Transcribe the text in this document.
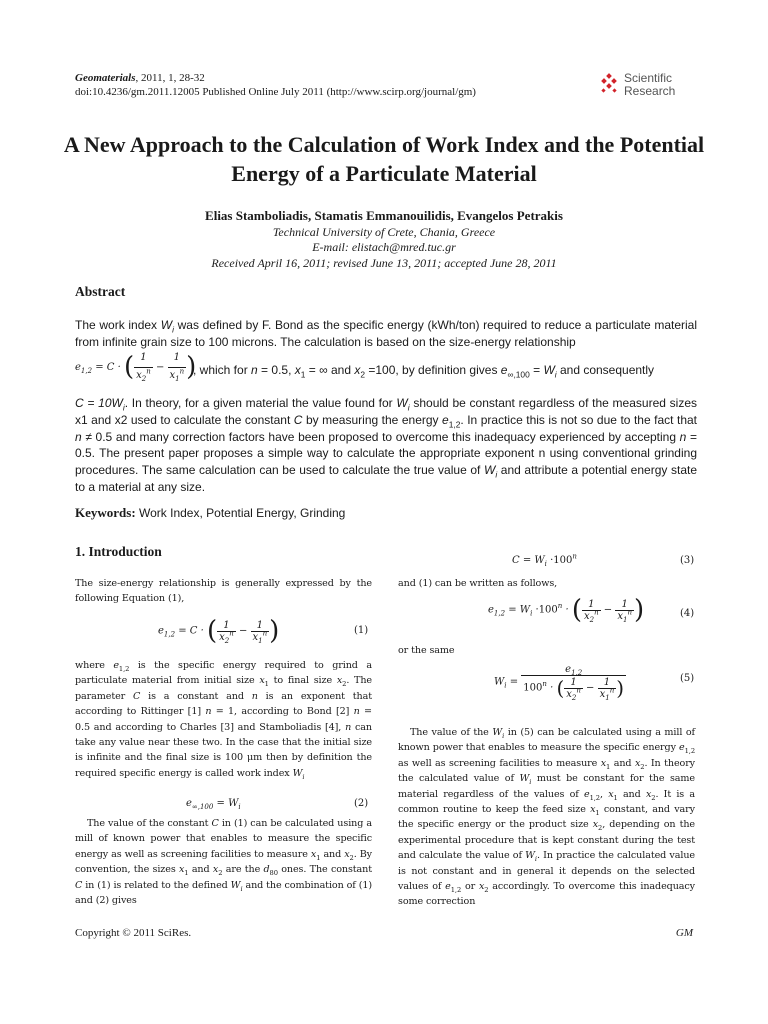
Geomaterials, 2011, 1, 28-32
doi:10.4236/gm.2011.12005 Published Online July 2011 (http://www.scirp.org/journal/gm)
Scientific
Research
A New Approach to the Calculation of Work Index and the Potential Energy of a Particulate Material
Elias Stamboliadis, Stamatis Emmanouilidis, Evangelos Petrakis
Technical University of Crete, Chania, Greece
E-mail: elistach@mred.tuc.gr
Received April 16, 2011; revised June 13, 2011; accepted June 28, 2011
Abstract

The work index $W_i$ was defined by F. Bond as the specific energy (kWh/ton) required to reduce a particulate material from infinite grain size to 100 microns. The calculation is based on the size-energy relationship

$e_{1,2} = C$ · ( $\frac{1}{x_2^n} - \frac{1}{x_1^n}$ )
, which for n = 0.5, $x_1$ = ∞ and $x_2 =100$, by definition gives $e_{\infty,100} = W_i$ and consequently

$C = 10W_i$. In theory, for a given material the value found for $W_i$ should be constant regardless of the measured sizes x1 and x2 used to calculate the constant C by measuring the energy $e_{1,2}$. In practice this is not so due to the fact that n ≠ 0.5 and many correction factors have been proposed to overcome this inadequacy experienced by accepting n = 0.5. The present paper proposes a simple way to calculate the appropriate exponent n using conventional grinding procedures. The same calculation can be used to calculate the true value of $W_i$ and attribute a potential energy state to a material at any size.

Keywords: Work Index, Potential Energy, Grinding
1. Introduction

The size-energy relationship is generally expressed by the following Equation (1),

$e_{1,2} = C$ · ( $\frac{1}{x_2^n} - \frac{1}{x_1^n}$ )	(1)

where $e_{1,2}$ is the specific energy required to grind a particulate material from initial size $x_1$ to final size $x_2$. The parameter C is a constant and n is an exponent that according to Rittinger [1] n = 1, according to Bond [2] n = 0.5 and according to Charles [3] and Stamboliadis [4], n can take any value near these two. In the case that the initial size is infinite and the final size is 100 μm then by definition the required specific energy is called work index $W_i$

$e_{\infty,100} = W_i$	(2)

The value of the constant C in (1) can be calculated using a mill of known power that enables to measure the specific energy as well as screening facilities to measure $x_1$ and $x_2$. By convention, the sizes $x_1$ and $x_2$ are the $d_{80}$ ones. The constant C in (1) is related to the defined $W_i$ and the combination of (1) and (2) gives

$C = W_i \cdot 100^n$	(3)
and (1) can be written as follows,
$e_{1,2} = W_i \cdot 100^n$ · ( $\frac{1}{x_2^n} - \frac{1}{x_1^n}$ )	(4)
or the same
$W_i = \frac{e_{1,2}}{100^n \cdot ( \frac{1}{x_2^n} - \frac{1}{x_1^n} )}$	(5)

The value of the $W_i$ in (5) can be calculated using a mill of known power that enables to measure the specific energy $e_{1,2}$ as well as screening facilities to measure $x_1$ and $x_2$. In theory the calculated value of $W_i$ must be constant for the same material regardless of the values of $e_{1,2}$, $x_1$ and $x_2$. It is a common routine to keep the feed size $x_1$ constant, and vary the specific energy or the product size $x_2$, depending on the experimental procedure that is kept constant during the test and calculate the value of $W_i$. In practice the calculated value is not constant and in general it depends on the selected values of $e_{1,2}$ or $x_2$ accordingly. To overcome this inadequacy some correction

Copyright © 2011 SciRes.	GM
